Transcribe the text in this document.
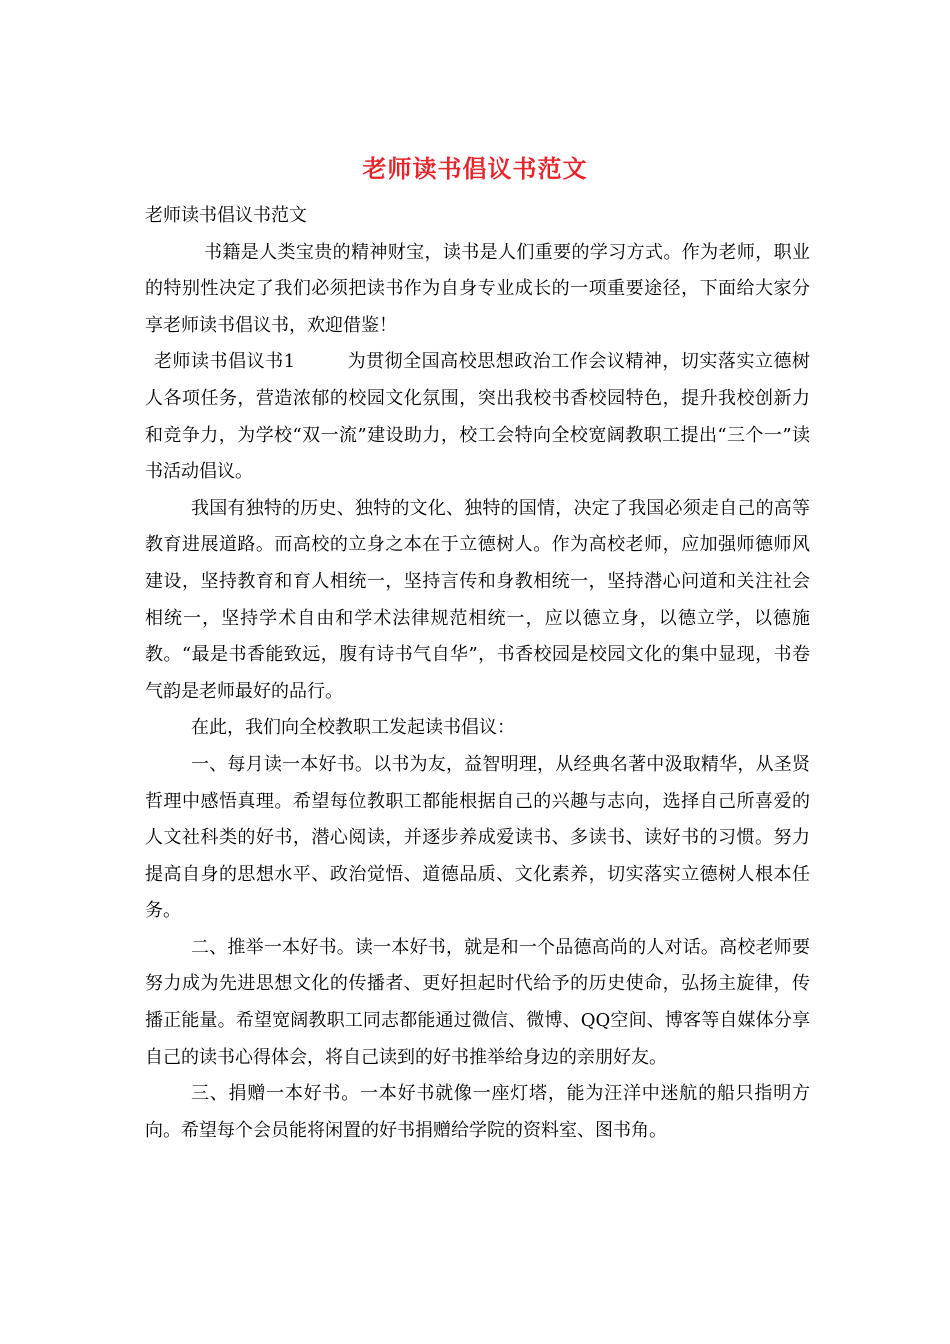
老师读书倡议书范文

老师读书倡议书范文

书籍是人类宝贵的精神财宝，读书是人们重要的学习方式。作为老师，职业的特别性决定了我们必须把读书作为自身专业成长的一项重要途径，下面给大家分享老师读书倡议书，欢迎借鉴！

老师读书倡议书1	为贯彻全国高校思想政治工作会议精神，切实落实立德树人各项任务，营造浓郁的校园文化氛围，突出我校书香校园特色，提升我校创新力和竞争力，为学校“双一流”建设助力，校工会特向全校宽阔教职工提出“三个一”读书活动倡议。

我国有独特的历史、独特的文化、独特的国情，决定了我国必须走自己的高等教育进展道路。而高校的立身之本在于立德树人。作为高校老师，应加强师德师风建设，坚持教育和育人相统一，坚持言传和身教相统一，坚持潜心问道和关注社会相统一，坚持学术自由和学术法律规范相统一，应以德立身，以德立学，以德施教。“最是书香能致远，腹有诗书气自华”，书香校园是校园文化的集中显现，书卷气韵是老师最好的品行。

在此，我们向全校教职工发起读书倡议：

一、每月读一本好书。以书为友，益智明理，从经典名著中汲取精华，从圣贤哲理中感悟真理。希望每位教职工都能根据自己的兴趣与志向，选择自己所喜爱的人文社科类的好书，潜心阅读，并逐步养成爱读书、多读书、读好书的习惯。努力提高自身的思想水平、政治觉悟、道德品质、文化素养，切实落实立德树人根本任务。

二、推举一本好书。读一本好书，就是和一个品德高尚的人对话。高校老师要努力成为先进思想文化的传播者、更好担起时代给予的历史使命，弘扬主旋律，传播正能量。希望宽阔教职工同志都能通过微信、微博、QQ空间、博客等自媒体分享自己的读书心得体会，将自己读到的好书推举给身边的亲朋好友。

三、捐赠一本好书。一本好书就像一座灯塔，能为汪洋中迷航的船只指明方向。希望每个会员能将闲置的好书捐赠给学院的资料室、图书角。
